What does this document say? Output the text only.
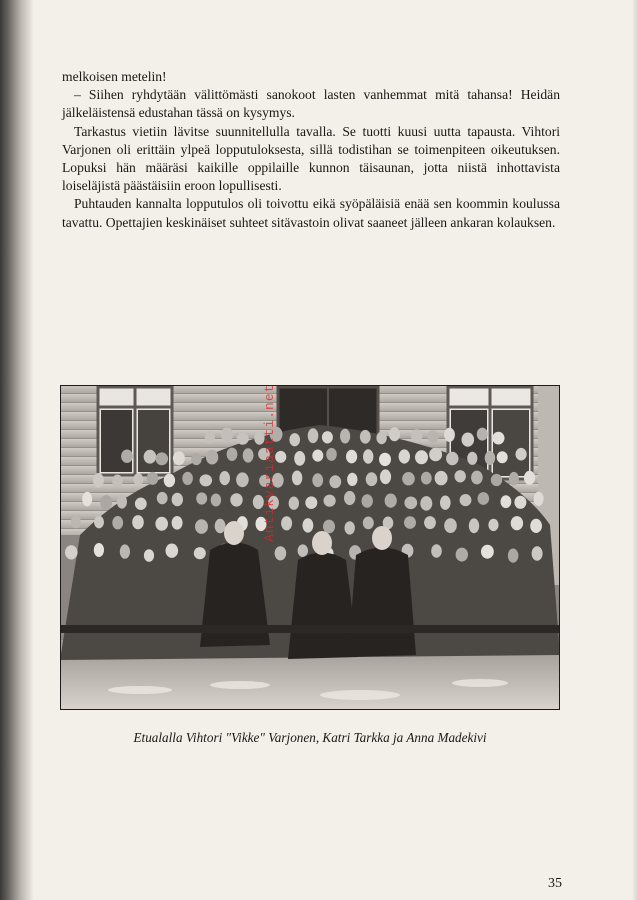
melkoisen metelin!

– Siihen ryhdytään välittömästi sanokoot lasten vanhemmat mitä tahansa! Heidän jälkeläistensä edustahan tässä on kysymys.

Tarkastus vietiin lävitse suunnitellulla tavalla. Se tuotti kuusi uutta tapausta. Vihtori Varjonen oli erittäin ylpeä lopputuloksesta, sillä todistihan se toimenpiteen oikeutuksen. Lopuksi hän määräsi kaikille oppilaille kunnon täisaunan, jotta niistä inhottavista loiseläjistä päästäisiin eroon lopullisesti.

Puhtauden kannalta lopputulos oli toivottu eikä syöpäläisiä enää sen koommin koulussa tavattu. Opettajien keskinäiset suhteet sitävastoin olivat saaneet jälleen ankaran kolauksen.

Antikvariaatti.net
Etualalla Vihtori "Vikke" Varjonen, Katri Tarkka ja Anna Madekivi
35
